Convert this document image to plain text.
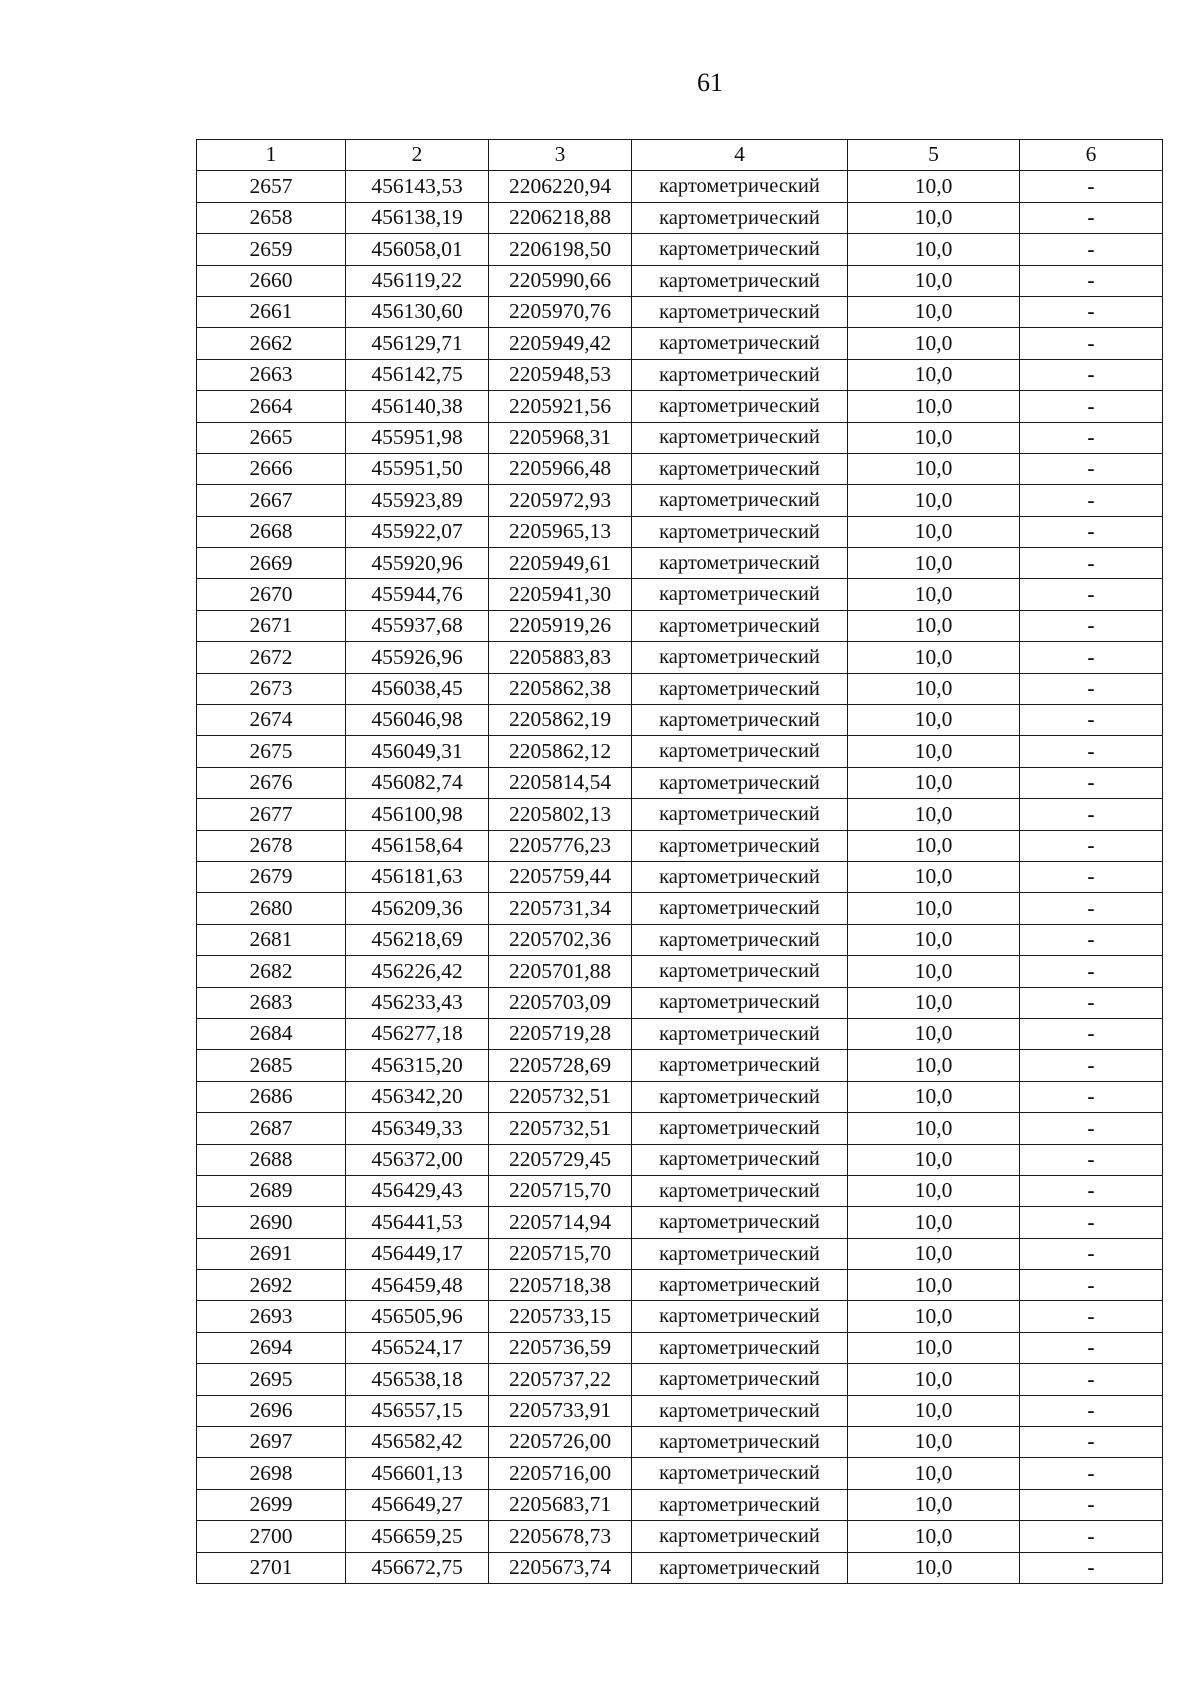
61
1	2	3	4	5	6
2657	456143,53	2206220,94	картометрический	10,0	-
2658	456138,19	2206218,88	картометрический	10,0	-
2659	456058,01	2206198,50	картометрический	10,0	-
2660	456119,22	2205990,66	картометрический	10,0	-
2661	456130,60	2205970,76	картометрический	10,0	-
2662	456129,71	2205949,42	картометрический	10,0	-
2663	456142,75	2205948,53	картометрический	10,0	-
2664	456140,38	2205921,56	картометрический	10,0	-
2665	455951,98	2205968,31	картометрический	10,0	-
2666	455951,50	2205966,48	картометрический	10,0	-
2667	455923,89	2205972,93	картометрический	10,0	-
2668	455922,07	2205965,13	картометрический	10,0	-
2669	455920,96	2205949,61	картометрический	10,0	-
2670	455944,76	2205941,30	картометрический	10,0	-
2671	455937,68	2205919,26	картометрический	10,0	-
2672	455926,96	2205883,83	картометрический	10,0	-
2673	456038,45	2205862,38	картометрический	10,0	-
2674	456046,98	2205862,19	картометрический	10,0	-
2675	456049,31	2205862,12	картометрический	10,0	-
2676	456082,74	2205814,54	картометрический	10,0	-
2677	456100,98	2205802,13	картометрический	10,0	-
2678	456158,64	2205776,23	картометрический	10,0	-
2679	456181,63	2205759,44	картометрический	10,0	-
2680	456209,36	2205731,34	картометрический	10,0	-
2681	456218,69	2205702,36	картометрический	10,0	-
2682	456226,42	2205701,88	картометрический	10,0	-
2683	456233,43	2205703,09	картометрический	10,0	-
2684	456277,18	2205719,28	картометрический	10,0	-
2685	456315,20	2205728,69	картометрический	10,0	-
2686	456342,20	2205732,51	картометрический	10,0	-
2687	456349,33	2205732,51	картометрический	10,0	-
2688	456372,00	2205729,45	картометрический	10,0	-
2689	456429,43	2205715,70	картометрический	10,0	-
2690	456441,53	2205714,94	картометрический	10,0	-
2691	456449,17	2205715,70	картометрический	10,0	-
2692	456459,48	2205718,38	картометрический	10,0	-
2693	456505,96	2205733,15	картометрический	10,0	-
2694	456524,17	2205736,59	картометрический	10,0	-
2695	456538,18	2205737,22	картометрический	10,0	-
2696	456557,15	2205733,91	картометрический	10,0	-
2697	456582,42	2205726,00	картометрический	10,0	-
2698	456601,13	2205716,00	картометрический	10,0	-
2699	456649,27	2205683,71	картометрический	10,0	-
2700	456659,25	2205678,73	картометрический	10,0	-
2701	456672,75	2205673,74	картометрический	10,0	-
